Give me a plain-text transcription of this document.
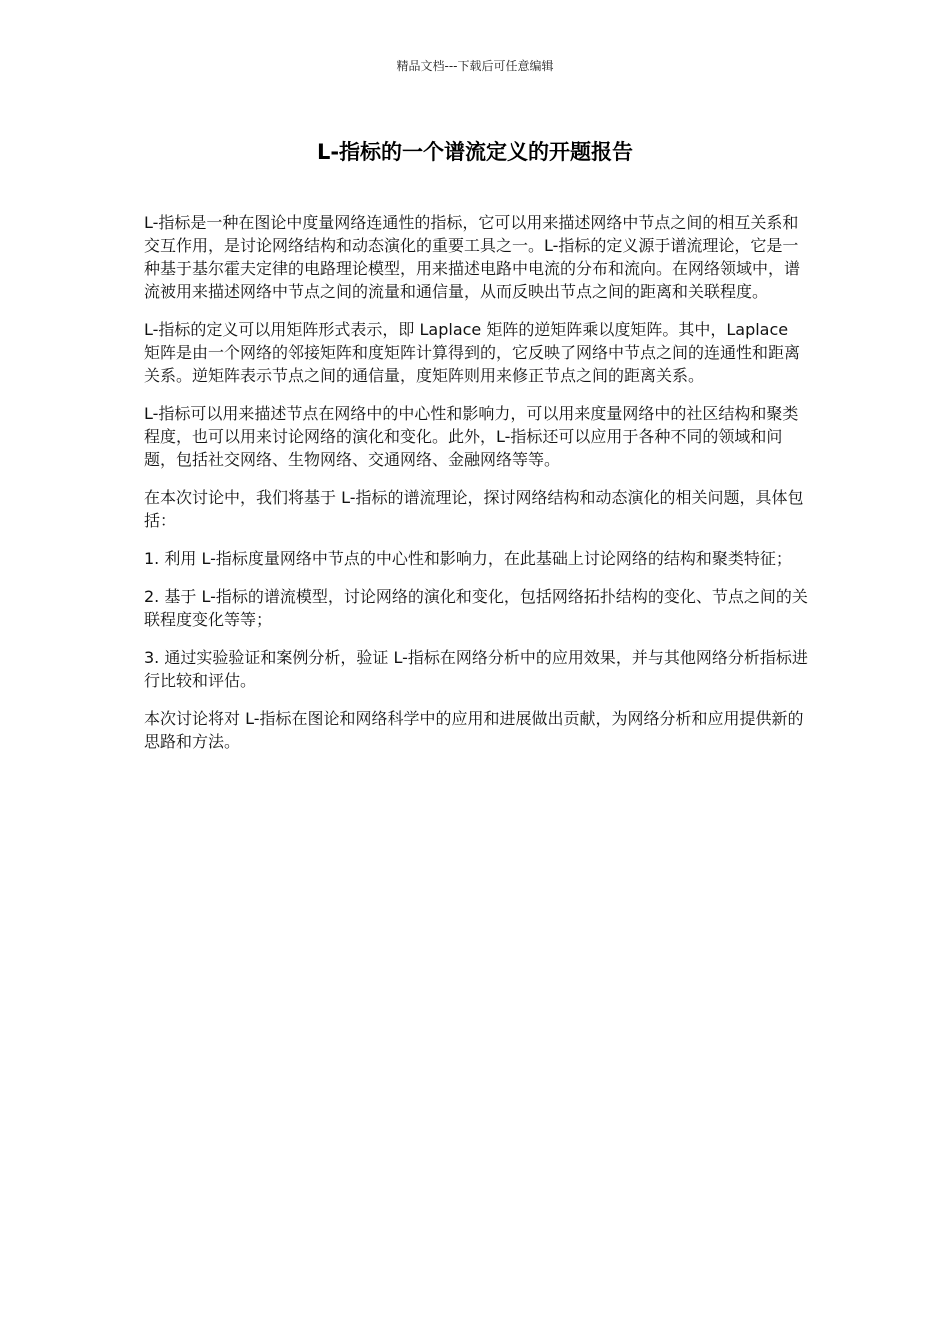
精品文档---下载后可任意编辑
L-指标的一个谱流定义的开题报告

L-指标是一种在图论中度量网络连通性的指标，它可以用来描述网络中节点之间的相互关系和交互作用，是讨论网络结构和动态演化的重要工具之一。L-指标的定义源于谱流理论，它是一种基于基尔霍夫定律的电路理论模型，用来描述电路中电流的分布和流向。在网络领域中，谱流被用来描述网络中节点之间的流量和通信量，从而反映出节点之间的距离和关联程度。

L-指标的定义可以用矩阵形式表示，即 Laplace 矩阵的逆矩阵乘以度矩阵。其中，Laplace 矩阵是由一个网络的邻接矩阵和度矩阵计算得到的，它反映了网络中节点之间的连通性和距离关系。逆矩阵表示节点之间的通信量，度矩阵则用来修正节点之间的距离关系。

L-指标可以用来描述节点在网络中的中心性和影响力，可以用来度量网络中的社区结构和聚类程度，也可以用来讨论网络的演化和变化。此外，L-指标还可以应用于各种不同的领域和问题，包括社交网络、生物网络、交通网络、金融网络等等。

在本次讨论中，我们将基于 L-指标的谱流理论，探讨网络结构和动态演化的相关问题，具体包括：

1. 利用 L-指标度量网络中节点的中心性和影响力，在此基础上讨论网络的结构和聚类特征；

2. 基于 L-指标的谱流模型，讨论网络的演化和变化，包括网络拓扑结构的变化、节点之间的关联程度变化等等；

3. 通过实验验证和案例分析，验证 L-指标在网络分析中的应用效果，并与其他网络分析指标进行比较和评估。

本次讨论将对 L-指标在图论和网络科学中的应用和进展做出贡献，为网络分析和应用提供新的思路和方法。
